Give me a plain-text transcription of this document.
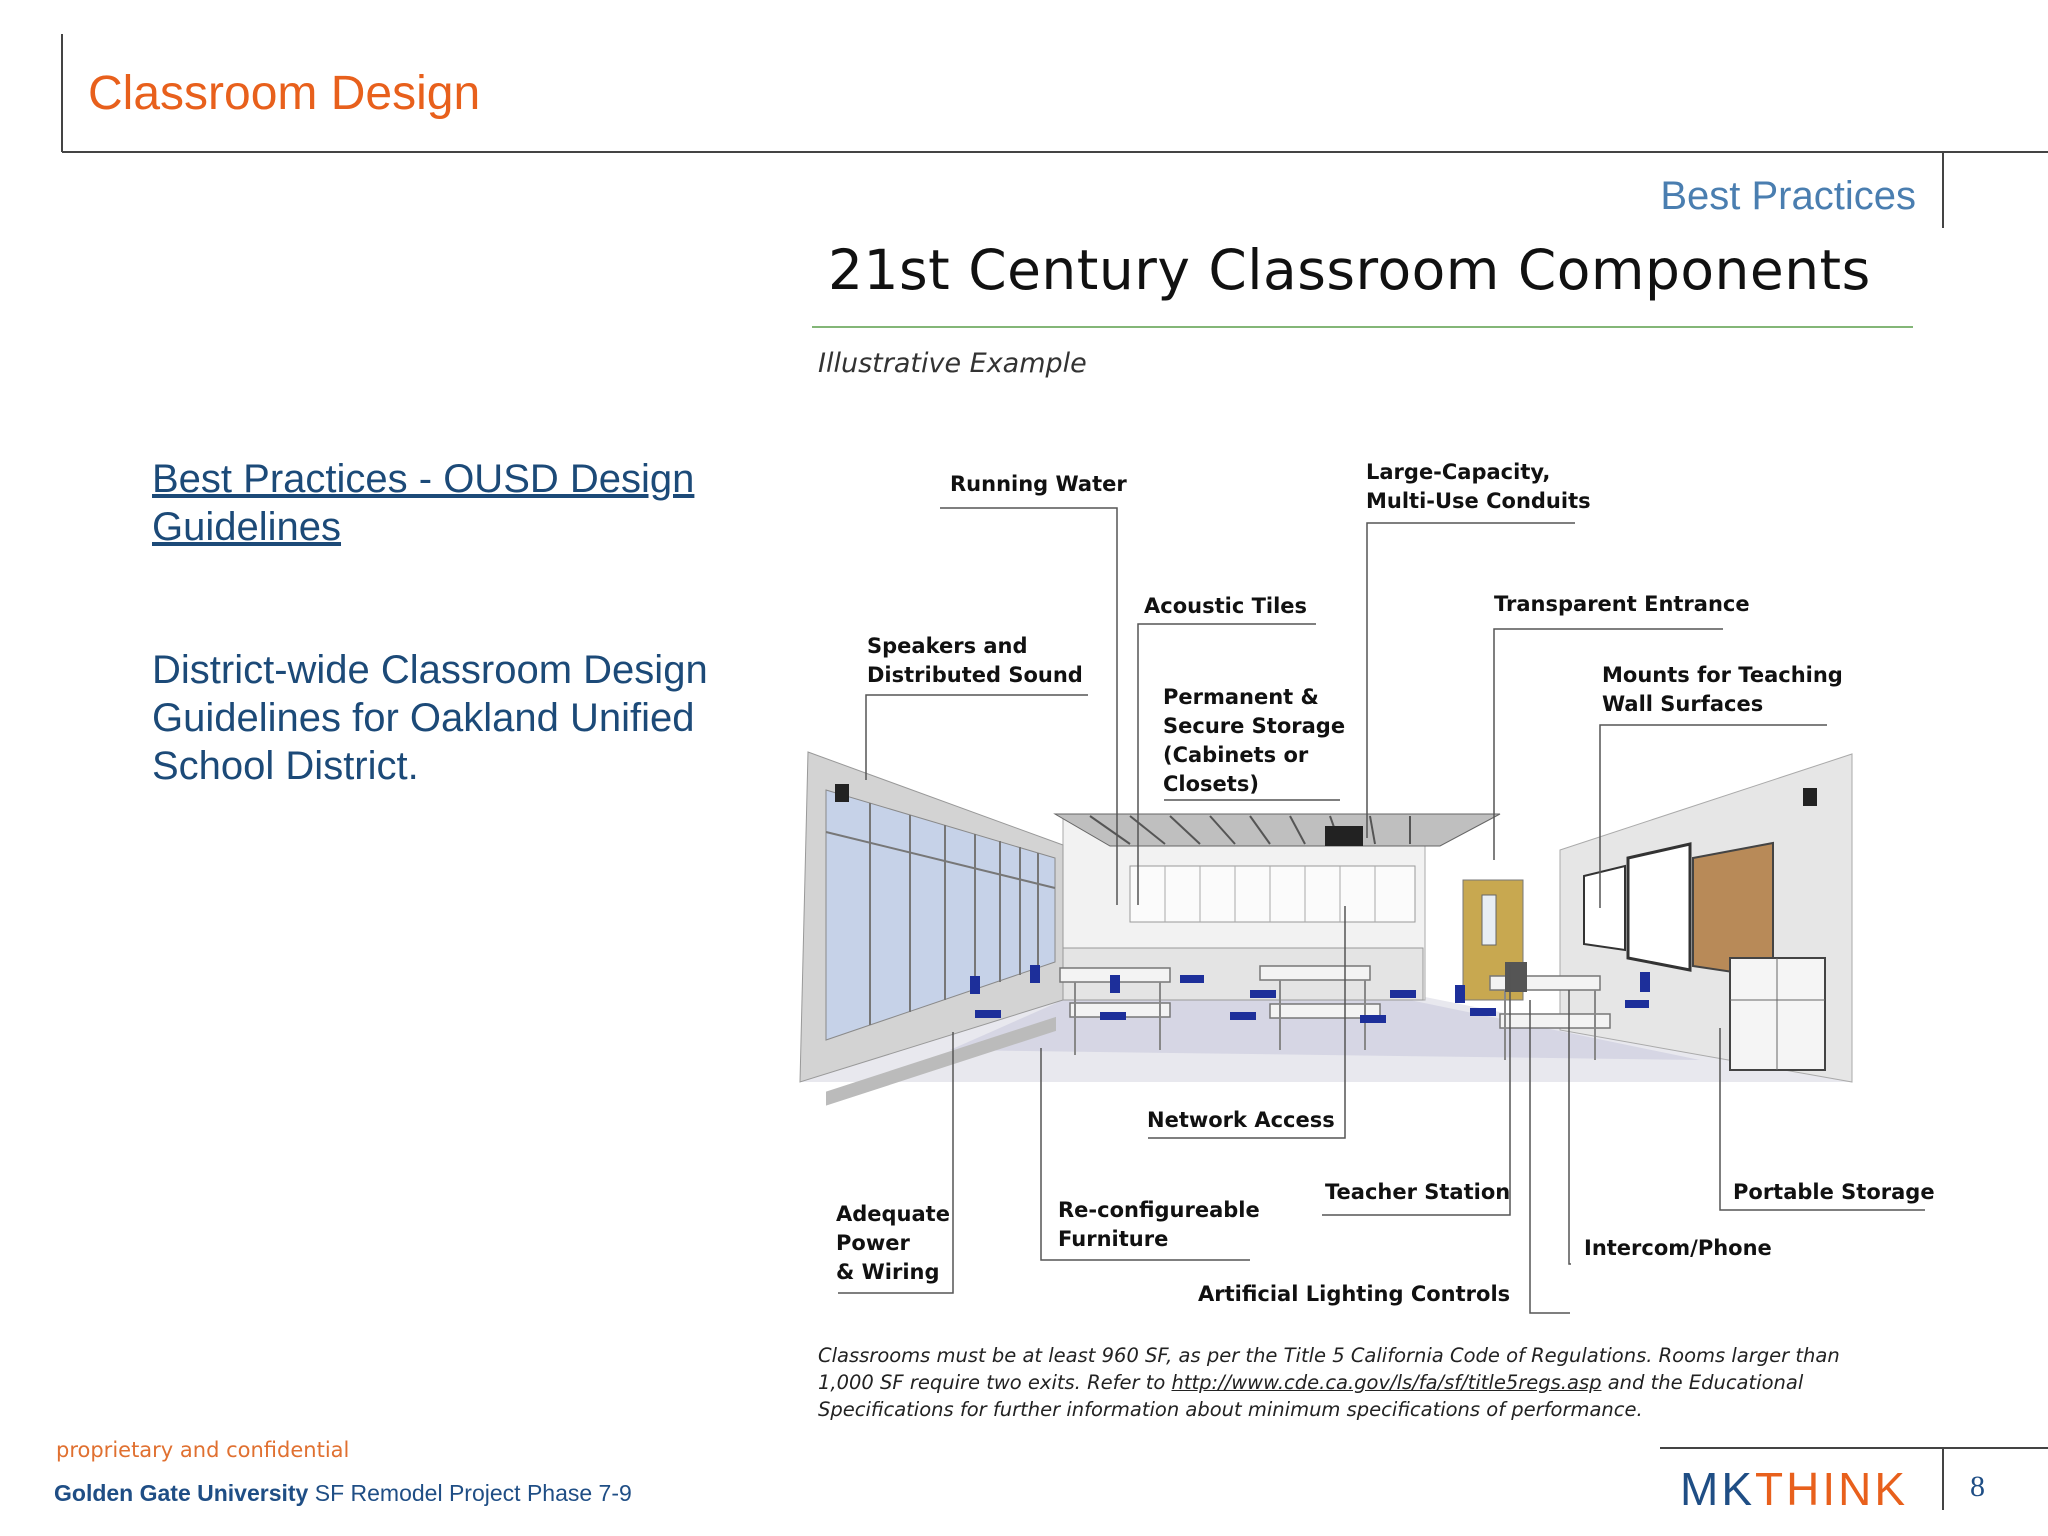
Classroom Design
Best Practices
21st Century Classroom Components
Illustrative Example
Best Practices - OUSD Design Guidelines
District-wide Classroom Design Guidelines for Oakland Unified School District.
Running Water	Large-Capacity,
Multi-Use Conduits
Acoustic Tiles	Transparent Entrance
Speakers and
Distributed Sound
Permanent &
Secure Storage
(Cabinets or
Closets)
Mounts for Teaching
Wall Surfaces
Network Access
Teacher Station	Portable Storage
Adequate
Power
& Wiring
Re-configureable
Furniture	Intercom/Phone
Artificial Lighting Controls
Classrooms must be at least 960 SF, as per the Title 5 California Code of Regulations. Rooms larger than 1,000 SF require two exits. Refer to http://www.cde.ca.gov/ls/fa/sf/title5regs.asp and the Educational Specifications for further information about minimum specifications of performance.
proprietary and confidential
Golden Gate University SF Remodel Project Phase 7-9	MKTHINK 8
